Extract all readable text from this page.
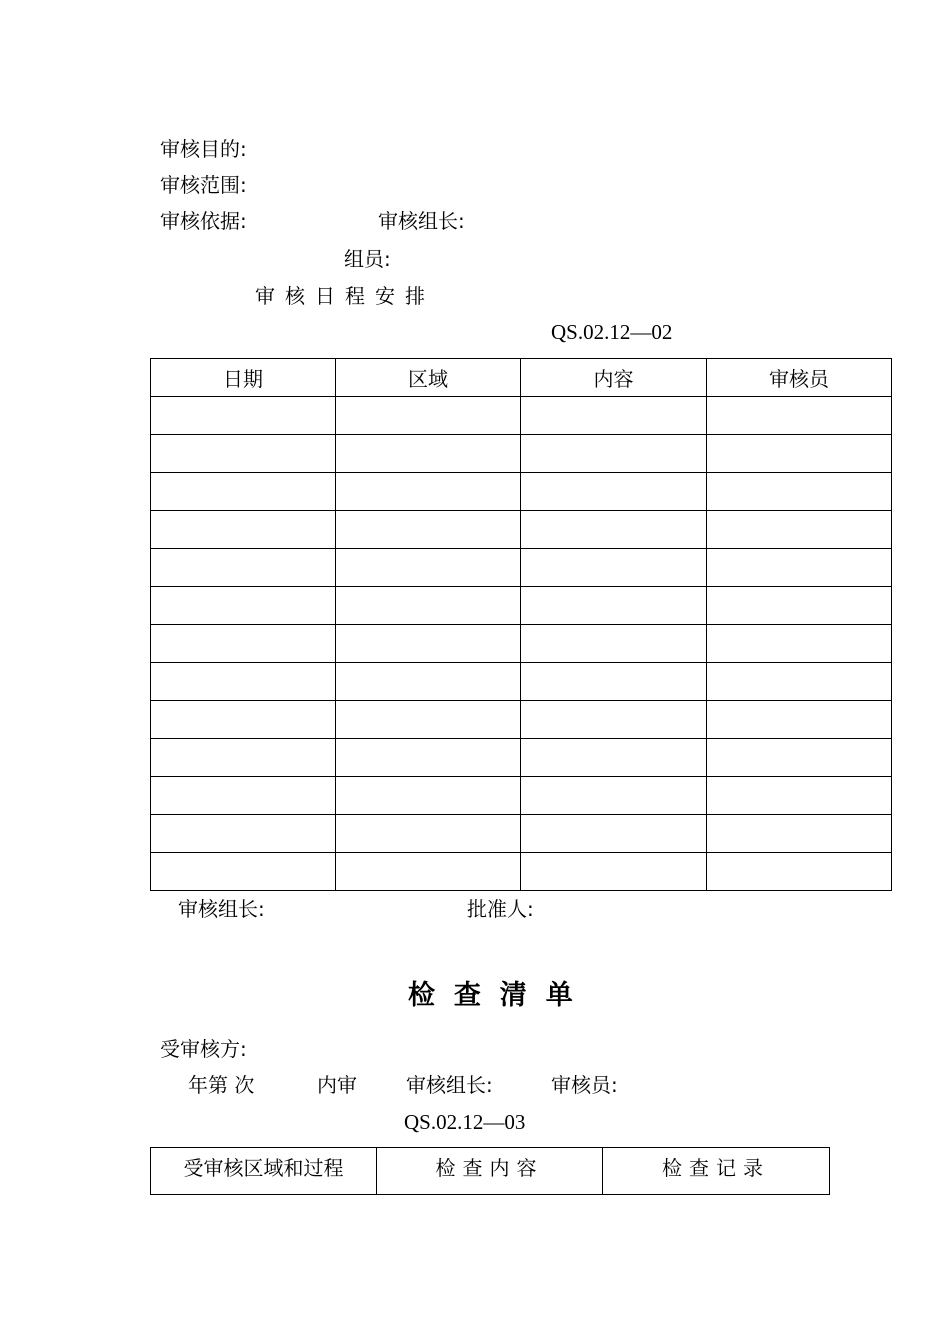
审核目的:
审核范围:
审核依据:	审核组长:
组员:
审核日程安排
QS.02.12—02
日期	区域	内容	审核员

审核组长:	批准人:
检查清单
受审核方:
年第 次	内审 审核组长:	审核员:
QS.02.12—03
受审核区域和过程	检查内容	检查记录
